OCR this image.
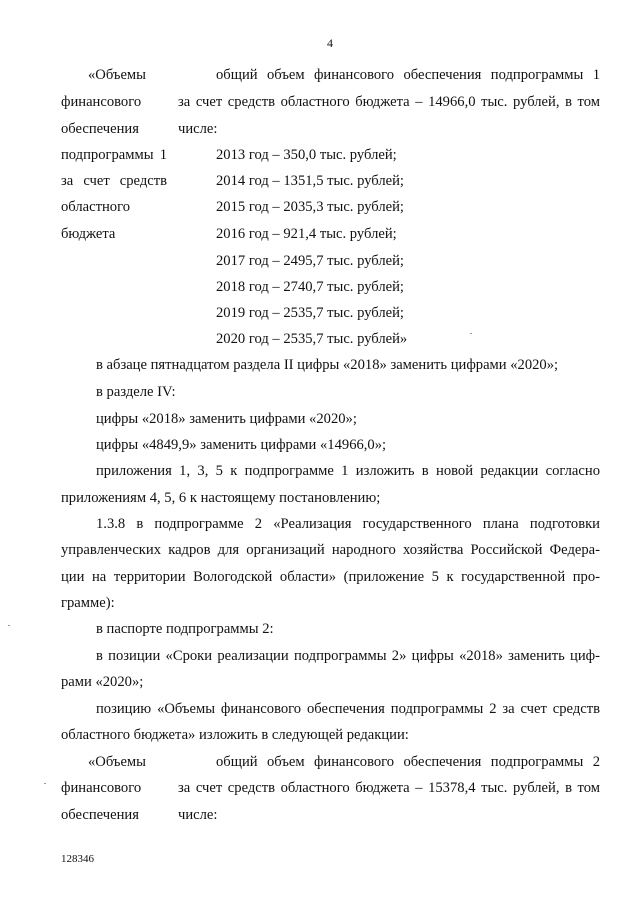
4
«Объемы
финансового
обеспечения
подпрограммы 1
за счет средств
областного
бюджета
общий объем финансового обеспечения подпрограммы 1
за счет средств областного бюджета – 14966,0 тыс. рублей, в том
числе:
2013 год – 350,0 тыс. рублей;
2014 год – 1351,5 тыс. рублей;
2015 год – 2035,3 тыс. рублей;
2016 год – 921,4 тыс. рублей;
2017 год – 2495,7 тыс. рублей;
2018 год – 2740,7 тыс. рублей;
2019 год – 2535,7 тыс. рублей;
2020 год – 2535,7 тыс. рублей»
в абзаце пятнадцатом раздела II цифры «2018» заменить цифрами «2020»;
в разделе IV:
цифры «2018» заменить цифрами «2020»;
цифры «4849,9» заменить цифрами «14966,0»;
приложения 1, 3, 5 к подпрограмме 1 изложить в новой редакции согласно
приложениям 4, 5, 6 к настоящему постановлению;
1.3.8 в подпрограмме 2 «Реализация государственного плана подготовки
управленческих кадров для организаций народного хозяйства Российской Федера-
ции на территории Вологодской области» (приложение 5 к государственной про-
грамме):
в паспорте подпрограммы 2:
в позиции «Сроки реализации подпрограммы 2» цифры «2018» заменить циф-
рами «2020»;
позицию «Объемы финансового обеспечения подпрограммы 2 за счет средств
областного бюджета» изложить в следующей редакции:
«Объемы
финансового
обеспечения
общий объем финансового обеспечения подпрограммы 2
за счет средств областного бюджета – 15378,4 тыс. рублей, в том
числе:
128346
